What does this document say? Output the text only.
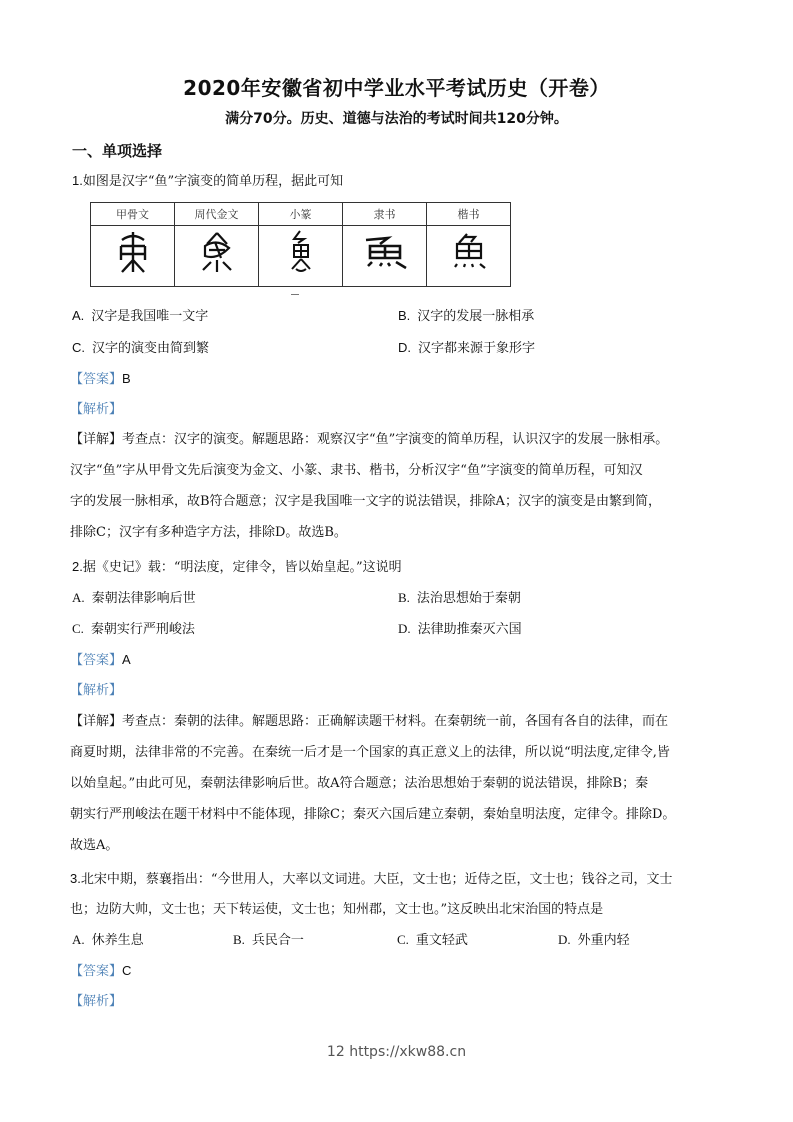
2020年安徽省初中学业水平考试历史（开卷）
满分70分。历史、道德与法治的考试时间共120分钟。
一、单项选择
1.如图是汉字“鱼”字演变的简单历程，据此可知
甲骨文	周代金文	小篆	隶书	楷书

A. 汉字是我国唯一文字	B. 汉字的发展一脉相承
C. 汉字的演变由简到繁	D. 汉字都来源于象形字
【答案】B
【解析】
【详解】考查点：汉字的演变。解题思路：观察汉字“鱼”字演变的简单历程，认识汉字的发展一脉相承。
汉字“鱼”字从甲骨文先后演变为金文、小篆、隶书、楷书，分析汉字“鱼”字演变的简单历程，可知汉
字的发展一脉相承，故B符合题意；汉字是我国唯一文字的说法错误，排除A；汉字的演变是由繁到简，
排除C；汉字有多种造字方法，排除D。故选B。
2.据《史记》载：“明法度，定律令，皆以始皇起。”这说明
A. 秦朝法律影响后世	B. 法治思想始于秦朝
C. 秦朝实行严刑峻法	D. 法律助推秦灭六国
【答案】A
【解析】
【详解】考查点：秦朝的法律。解题思路：正确解读题干材料。在秦朝统一前，各国有各自的法律，而在
商夏时期，法律非常的不完善。在秦统一后才是一个国家的真正意义上的法律，所以说“明法度,定律令,皆
以始皇起。”由此可见，秦朝法律影响后世。故A符合题意；法治思想始于秦朝的说法错误，排除B；秦
朝实行严刑峻法在题干材料中不能体现，排除C；秦灭六国后建立秦朝，秦始皇明法度，定律令。排除D。
故选A。
3.北宋中期，蔡襄指出：“今世用人，大率以文词进。大臣，文士也；近侍之臣，文士也；钱谷之司，文士
也；边防大帅，文士也；天下转运使，文士也；知州郡，文士也。”这反映出北宋治国的特点是
A. 休养生息	B. 兵民合一	C. 重文轻武	D. 外重内轻
【答案】C
【解析】
12 https://xkw88.cn
